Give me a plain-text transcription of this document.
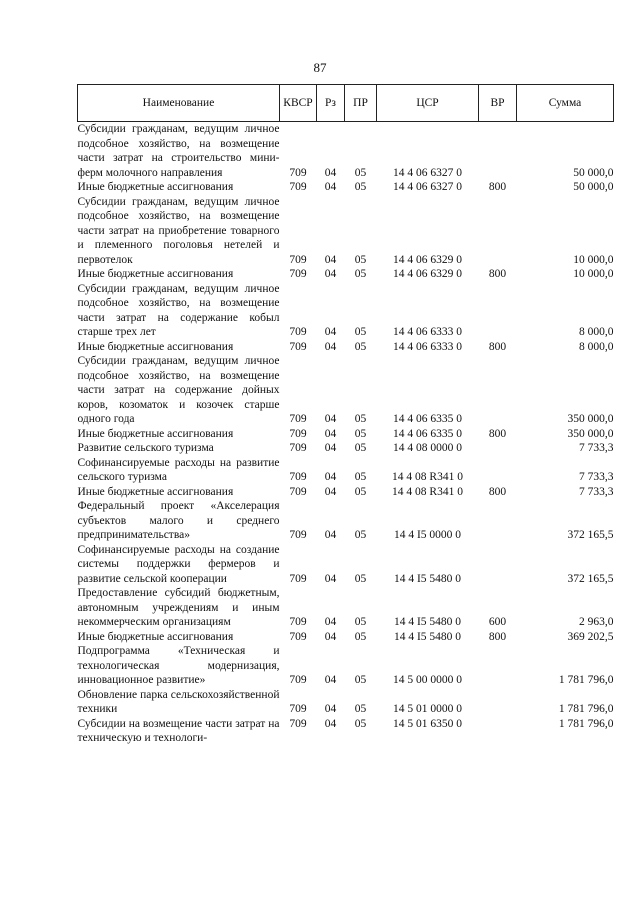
87
Наименование	КВСР	Рз	ПР	ЦСР	ВР	Сумма
Субсидии гражданам, ведущим личное подсобное хозяйство, на возмещение части затрат на строительство мини-ферм молочного направления	709	04	05	14 4 06 6327 0		50 000,0
Иные бюджетные ассигнования	709	04	05	14 4 06 6327 0	800	50 000,0
Субсидии гражданам, ведущим личное подсобное хозяйство, на возмещение части затрат на приобретение товарного и племенного поголовья нетелей и первотелок	709	04	05	14 4 06 6329 0		10 000,0
Иные бюджетные ассигнования	709	04	05	14 4 06 6329 0	800	10 000,0
Субсидии гражданам, ведущим личное подсобное хозяйство, на возмещение части затрат на содержание кобыл старше трех лет	709	04	05	14 4 06 6333 0		8 000,0
Иные бюджетные ассигнования	709	04	05	14 4 06 6333 0	800	8 000,0
Субсидии гражданам, ведущим личное подсобное хозяйство, на возмещение части затрат на содержание дойных коров, козоматок и козочек старше одного года	709	04	05	14 4 06 6335 0		350 000,0
Иные бюджетные ассигнования	709	04	05	14 4 06 6335 0	800	350 000,0
Развитие сельского туризма	709	04	05	14 4 08 0000 0		7 733,3
Софинансируемые расходы на развитие сельского туризма	709	04	05	14 4 08 R341 0		7 733,3
Иные бюджетные ассигнования	709	04	05	14 4 08 R341 0	800	7 733,3
Федеральный проект «Акселерация субъектов малого и среднего предпринимательства»	709	04	05	14 4 I5 0000 0		372 165,5
Софинансируемые расходы на создание системы поддержки фермеров и развитие сельской кооперации	709	04	05	14 4 I5 5480 0		372 165,5
Предоставление субсидий бюджетным, автономным учреждениям и иным некоммерческим организациям	709	04	05	14 4 I5 5480 0	600	2 963,0
Иные бюджетные ассигнования	709	04	05	14 4 I5 5480 0	800	369 202,5
Подпрограмма «Техническая и технологическая модернизация, инновационное развитие»	709	04	05	14 5 00 0000 0		1 781 796,0
Обновление парка сельскохозяйственной техники	709	04	05	14 5 01 0000 0		1 781 796,0
Субсидии на возмещение части затрат на техническую и технологи-	709	04	05	14 5 01 6350 0		1 781 796,0
